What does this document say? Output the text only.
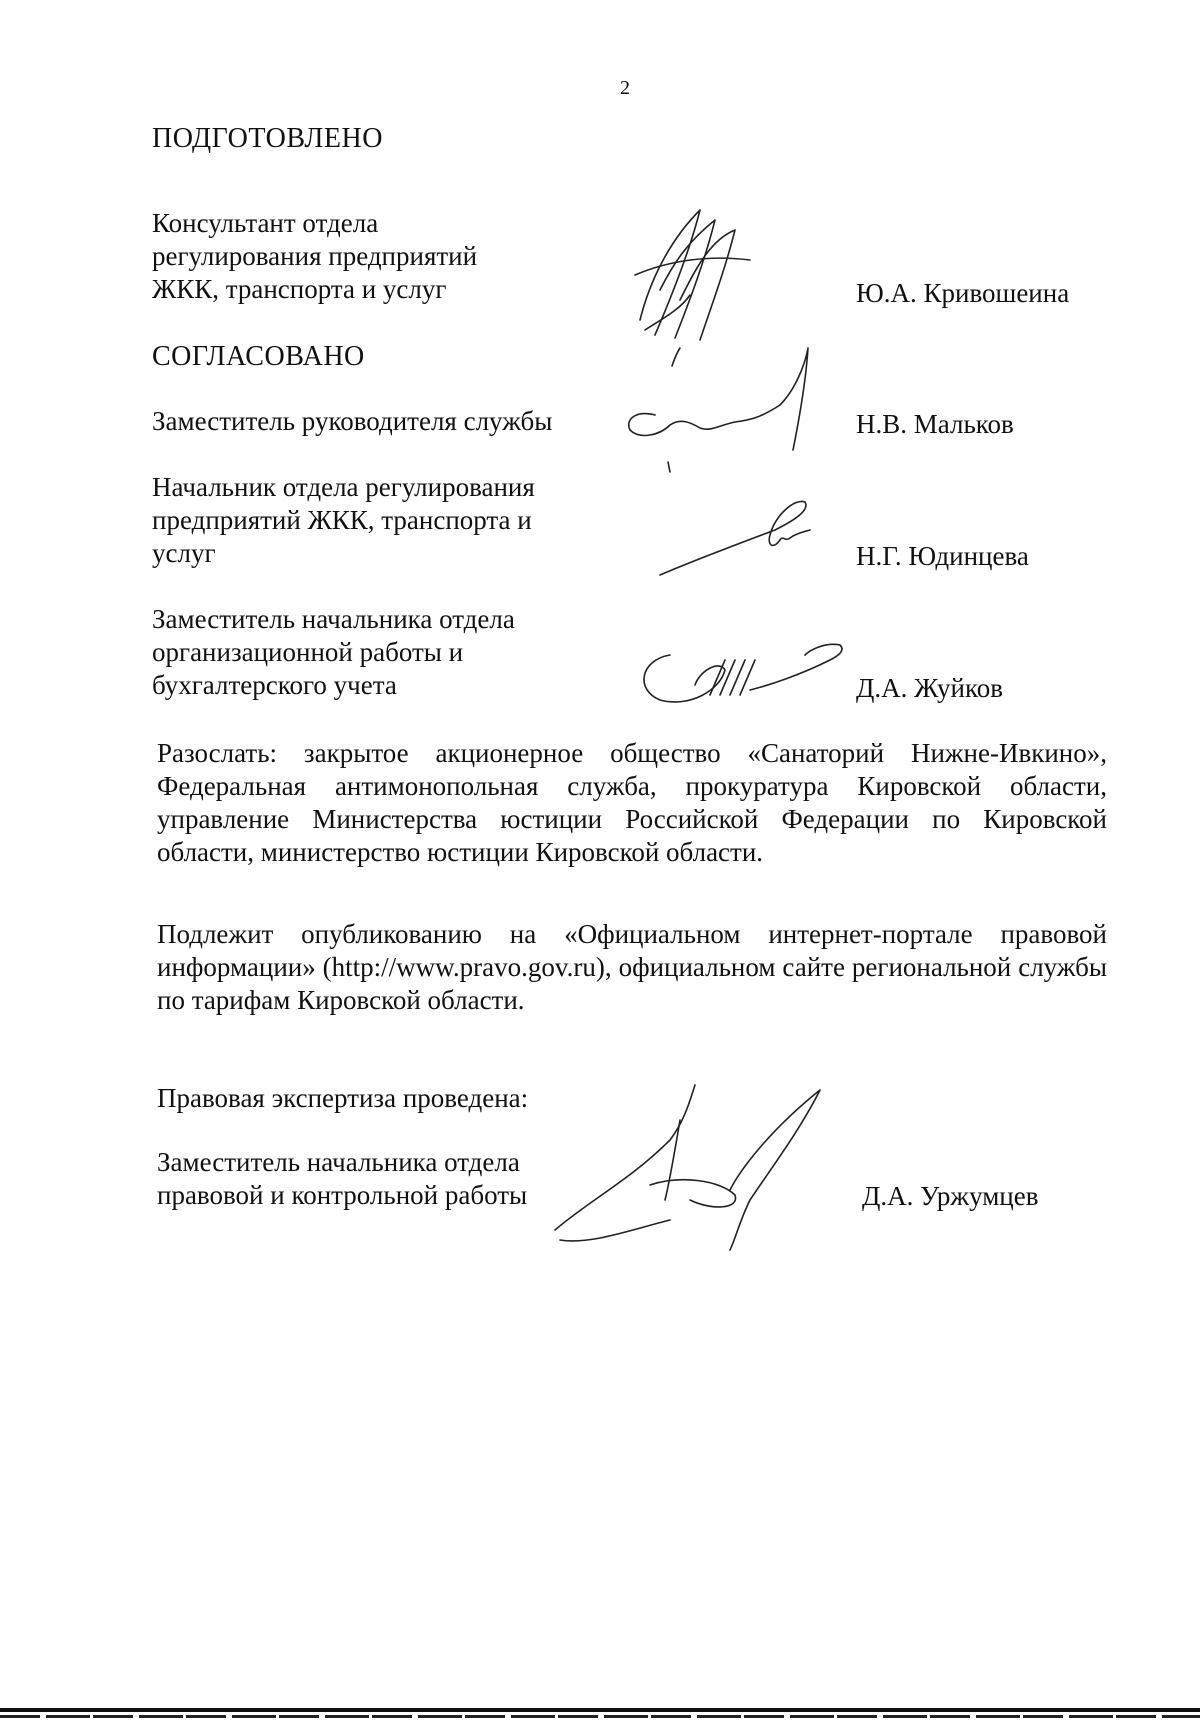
2
ПОДГОТОВЛЕНО
Консультант отдела
регулирования предприятий
ЖКК, транспорта и услуг	Ю.А. Кривошеина
СОГЛАСОВАНО
Заместитель руководителя службы	Н.В. Мальков
Начальник отдела регулирования
предприятий ЖКК, транспорта и
услуг	Н.Г. Юдинцева
Заместитель начальника отдела
организационной работы и
бухгалтерского учета	Д.А. Жуйков
Разослать: закрытое акционерное общество «Санаторий Нижне-Ивкино», Федеральная антимонопольная служба, прокуратура Кировской области, управление Министерства юстиции Российской Федерации по Кировской области, министерство юстиции Кировской области.
Подлежит опубликованию на «Официальном интернет-портале правовой информации» (http://www.pravo.gov.ru), официальном сайте региональной службы по тарифам Кировской области.
Правовая экспертиза проведена:
Заместитель начальника отдела
правовой и контрольной работы	Д.А. Уржумцев
